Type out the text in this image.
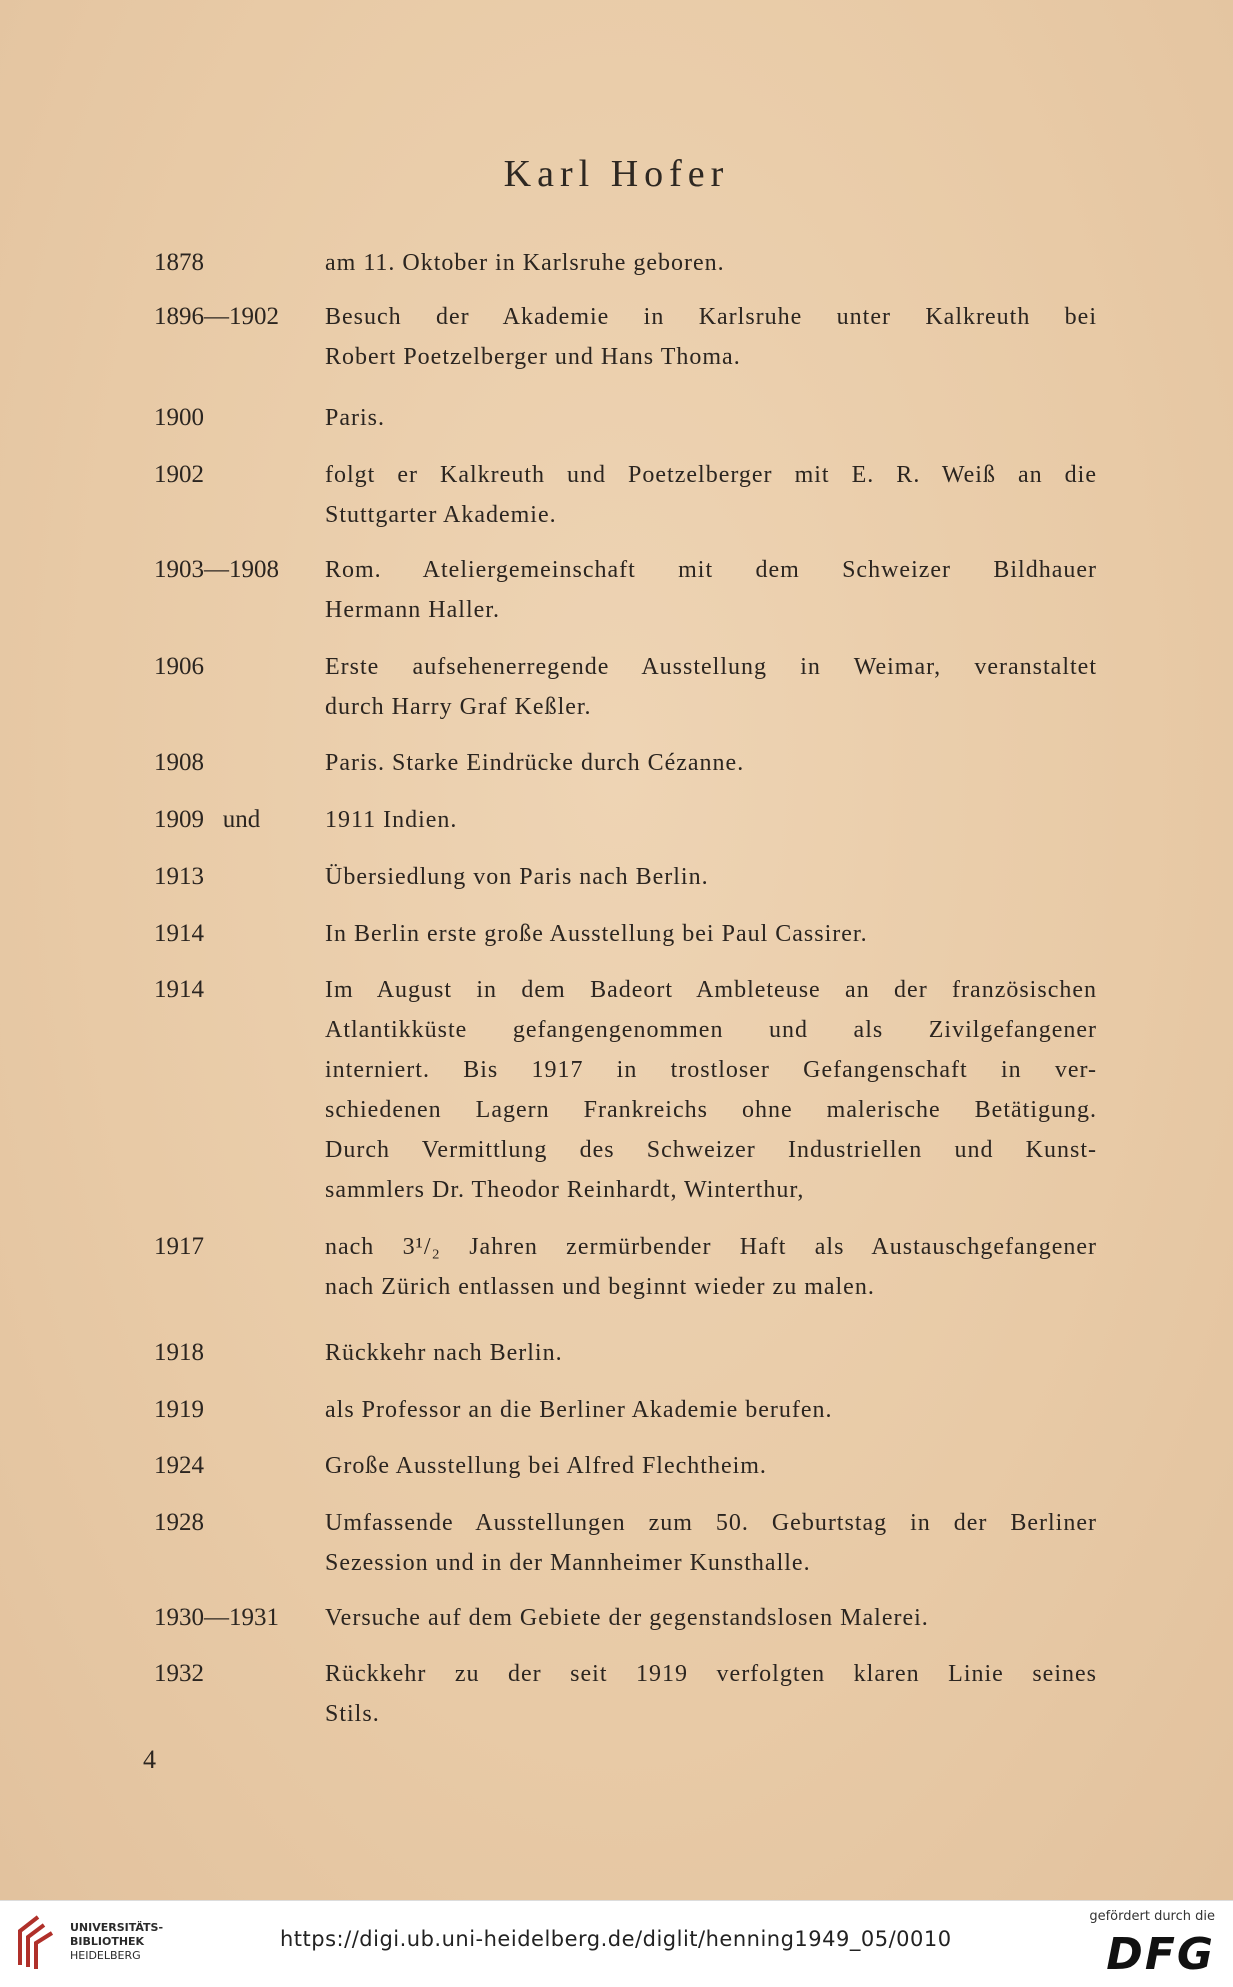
Karl Hofer
1878	am 11. Oktober in Karlsruhe geboren.
1896—1902	Besuch der Akademie in Karlsruhe unter Kalkreuth bei
Robert Poetzelberger und Hans Thoma.
1900	Paris.
1902	folgt er Kalkreuth und Poetzelberger mit E. R. Weiß an die
Stuttgarter Akademie.
1903—1908	Rom. Ateliergemeinschaft mit dem Schweizer Bildhauer
Hermann Haller.
1906	Erste aufsehenerregende Ausstellung in Weimar, veranstaltet
durch Harry Graf Keßler.
1908	Paris. Starke Eindrücke durch Cézanne.
1909   und	1911 Indien.
1913	Übersiedlung von Paris nach Berlin.
1914	In Berlin erste große Ausstellung bei Paul Cassirer.
1914	Im August in dem Badeort Ambleteuse an der französischen
Atlantikküste gefangengenommen und als Zivilgefangener
interniert. Bis 1917 in trostloser Gefangenschaft in ver-
schiedenen Lagern Frankreichs ohne malerische Betätigung.
Durch Vermittlung des Schweizer Industriellen und Kunst-
sammlers Dr. Theodor Reinhardt, Winterthur,
1917	nach 3¹/₂ Jahren zermürbender Haft als Austauschgefangener
nach Zürich entlassen und beginnt wieder zu malen.
1918	Rückkehr nach Berlin.
1919	als Professor an die Berliner Akademie berufen.
1924	Große Ausstellung bei Alfred Flechtheim.
1928	Umfassende Ausstellungen zum 50. Geburtstag in der Berliner
Sezession und in der Mannheimer Kunsthalle.
1930—1931	Versuche auf dem Gebiete der gegenstandslosen Malerei.
1932	Rückkehr zu der seit 1919 verfolgten klaren Linie seines
Stils.
4
UNIVERSITÄTS-
BIBLIOTHEK
HEIDELBERG
https://digi.ub.uni-heidelberg.de/diglit/henning1949_05/0010
gefördert durch die
DFG
